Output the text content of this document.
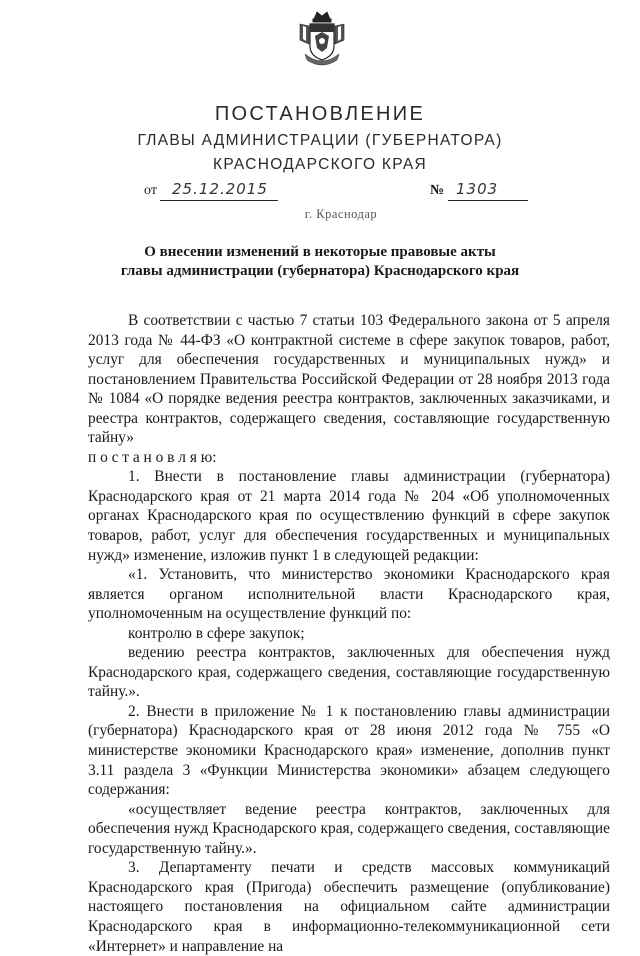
ПОСТАНОВЛЕНИЕ
ГЛАВЫ АДМИНИСТРАЦИИ (ГУБЕРНАТОРА)
КРАСНОДАРСКОГО КРАЯ
от 25.12.2015	№ 1303
г. Краснодар
О внесении изменений в некоторые правовые акты
главы администрации (губернатора) Краснодарского края

В соответствии с частью 7 статьи 103 Федерального закона от 5 апреля 2013 года № 44-ФЗ «О контрактной системе в сфере закупок товаров, работ, услуг для обеспечения государственных и муниципальных нужд» и постановлением Правительства Российской Федерации от 28 ноября 2013 года № 1084 «О порядке ведения реестра контрактов, заключенных заказчиками, и реестра контрактов, содержащего сведения, составляющие государственную тайну»

п о с т а н о в л я ю:

1. Внести в постановление главы администрации (губернатора) Краснодарского края от 21 марта 2014 года № 204 «Об уполномоченных органах Краснодарского края по осуществлению функций в сфере закупок товаров, работ, услуг для обеспечения государственных и муниципальных нужд» изменение, изложив пункт 1 в следующей редакции:

«1. Установить, что министерство экономики Краснодарского края является органом исполнительной власти Краснодарского края, уполномоченным на осуществление функций по:

контролю в сфере закупок;

ведению реестра контрактов, заключенных для обеспечения нужд Краснодарского края, содержащего сведения, составляющие государственную тайну.».

2. Внести в приложение № 1 к постановлению главы администрации (губернатора) Краснодарского края от 28 июня 2012 года № 755 «О министерстве экономики Краснодарского края» изменение, дополнив пункт 3.11 раздела 3 «Функции Министерства экономики» абзацем следующего содержания:

«осуществляет ведение реестра контрактов, заключенных для обеспечения нужд Краснодарского края, содержащего сведения, составляющие государственную тайну.».

3. Департаменту печати и средств массовых коммуникаций Краснодарского края (Пригода) обеспечить размещение (опубликование) настоящего постановления на официальном сайте администрации Краснодарского края в информационно-телекоммуникационной сети «Интернет» и направление на
